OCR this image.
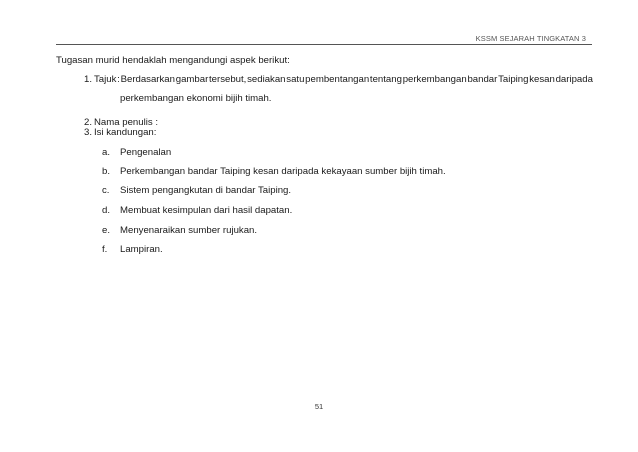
KSSM SEJARAH TINGKATAN 3
Tugasan murid hendaklah mengandungi aspek berikut:
1. Tajuk : Berdasarkan gambar tersebut, sediakan satu pembentangan tentang perkembangan bandar Taiping kesan daripada
perkembangan ekonomi bijih timah.
2. Nama penulis :
3. Isi kandungan:
a. Pengenalan
b. Perkembangan bandar Taiping kesan daripada kekayaan sumber bijih timah.
c. Sistem pengangkutan di bandar Taiping.
d. Membuat kesimpulan dari hasil dapatan.
e. Menyenaraikan sumber rujukan.
f. Lampiran.
51
